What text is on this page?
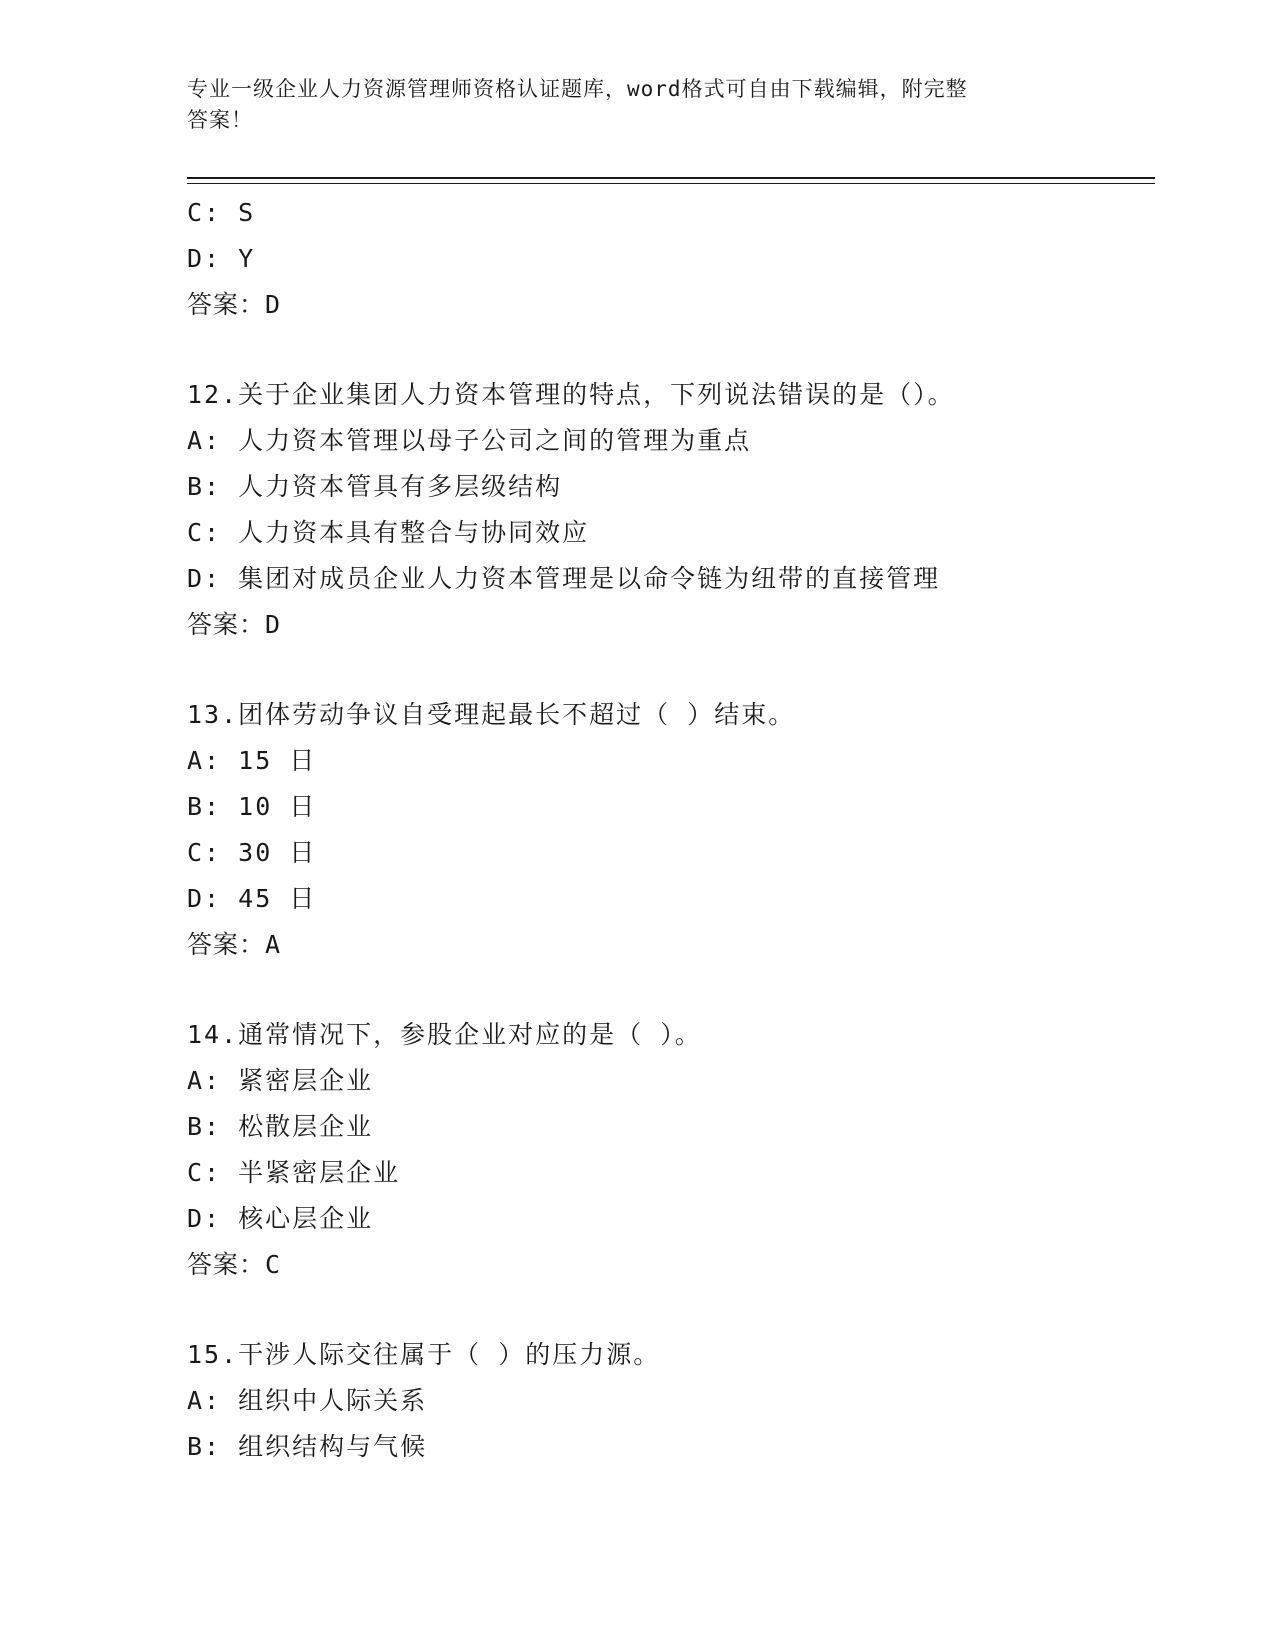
专业一级企业人力资源管理师资格认证题库，word格式可自由下载编辑，附完整
答案！
C: S
D: Y
答案：D
12.关于企业集团人力资本管理的特点，下列说法错误的是（）。
A: 人力资本管理以母子公司之间的管理为重点
B: 人力资本管具有多层级结构
C: 人力资本具有整合与协同效应
D: 集团对成员企业人力资本管理是以命令链为纽带的直接管理
答案：D
13.团体劳动争议自受理起最长不超过（ ）结束。
A: 15 日
B: 10 日
C: 30 日
D: 45 日
答案：A
14.通常情况下，参股企业对应的是（ ）。
A: 紧密层企业
B: 松散层企业
C: 半紧密层企业
D: 核心层企业
答案：C
15.干涉人际交往属于（ ）的压力源。
A: 组织中人际关系
B: 组织结构与气候
